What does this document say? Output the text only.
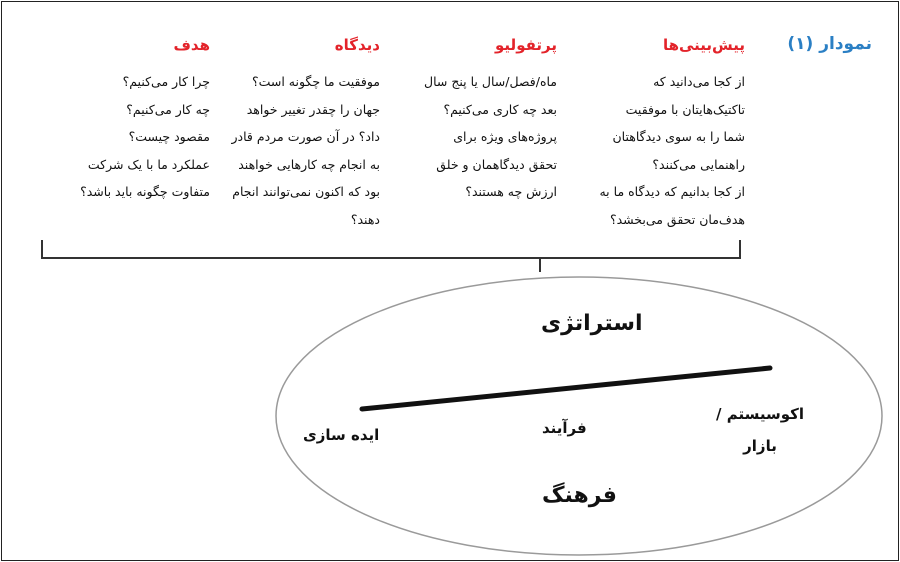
نمودار (۱)
پیش‌بینی‌ها
از کجا می‌دانید که
تاکتیک‌هایتان با موفقیت
شما را به سوی دیدگاهتان
راهنمایی می‌کنند؟
از کجا بدانیم که دیدگاه ما به
هدف‌مان تحقق می‌بخشد؟
پرتفولیو
ماه/فصل/سال یا پنج سال
بعد چه کاری می‌کنیم؟
پروژه‌های ویژه برای
تحقق دیدگاهمان و خلق
ارزش چه هستند؟
دیدگاه
موفقیت ما چگونه است؟
جهان را چقدر تغییر خواهد
داد؟ در آن صورت مردم قادر
به انجام چه کارهایی خواهند
بود که اکنون نمی‌توانند انجام
دهند؟
هدف
چرا کار می‌کنیم؟
چه کار می‌کنیم؟
مقصود چیست؟
عملکرد ما با یک شرکت
متفاوت چگونه باید باشد؟
استراتژی
فرهنگ
ایده سازی	فرآیند
اکوسیستم /
بازار
